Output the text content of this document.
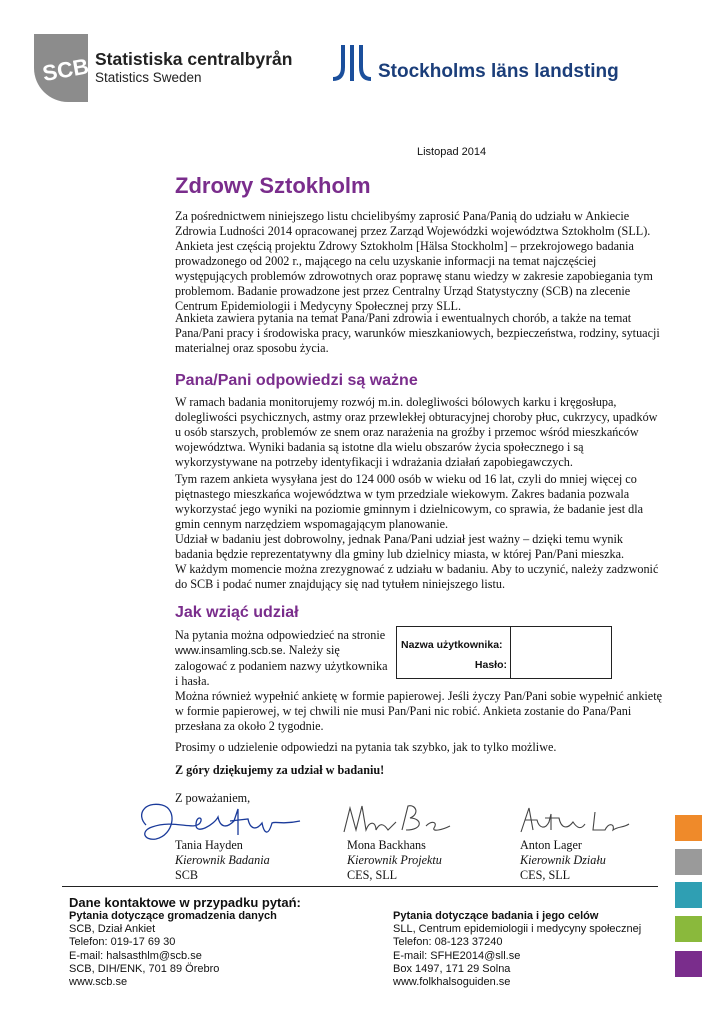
SCB Statistiska centralbyrån
Statistics Sweden	Stockholms läns landsting
Listopad 2014
Zdrowy Sztokholm
Za pośrednictwem niniejszego listu chcielibyśmy zaprosić Pana/Panią do udziału w Ankiecie
Zdrowia Ludności 2014 opracowanej przez Zarząd Wojewódzki województwa Sztokholm (SLL).
Ankieta jest częścią projektu Zdrowy Sztokholm [Hälsa Stockholm] – przekrojowego badania
prowadzonego od 2002 r., mającego na celu uzyskanie informacji na temat najczęściej
występujących problemów zdrowotnych oraz poprawę stanu wiedzy w zakresie zapobiegania tym
problemom. Badanie prowadzone jest przez Centralny Urząd Statystyczny (SCB) na zlecenie
Centrum Epidemiologii i Medycyny Społecznej przy SLL.
Ankieta zawiera pytania na temat Pana/Pani zdrowia i ewentualnych chorób, a także na temat
Pana/Pani pracy i środowiska pracy, warunków mieszkaniowych, bezpieczeństwa, rodziny, sytuacji
materialnej oraz sposobu życia.
Pana/Pani odpowiedzi są ważne
W ramach badania monitorujemy rozwój m.in. dolegliwości bólowych karku i kręgosłupa,
dolegliwości psychicznych, astmy oraz przewlekłej obturacyjnej choroby płuc, cukrzycy, upadków
u osób starszych, problemów ze snem oraz narażenia na groźby i przemoc wśród mieszkańców
województwa. Wyniki badania są istotne dla wielu obszarów życia społecznego i są
wykorzystywane na potrzeby identyfikacji i wdrażania działań zapobiegawczych.
Tym razem ankieta wysyłana jest do 124 000 osób w wieku od 16 lat, czyli do mniej więcej co
piętnastego mieszkańca województwa w tym przedziale wiekowym. Zakres badania pozwala
wykorzystać jego wyniki na poziomie gminnym i dzielnicowym, co sprawia, że badanie jest dla
gmin cennym narzędziem wspomagającym planowanie.
Udział w badaniu jest dobrowolny, jednak Pana/Pani udział jest ważny – dzięki temu wynik
badania będzie reprezentatywny dla gminy lub dzielnicy miasta, w której Pan/Pani mieszka.
W każdym momencie można zrezygnować z udziału w badaniu. Aby to uczynić, należy zadzwonić
do SCB i podać numer znajdujący się nad tytułem niniejszego listu.
Jak wziąć udział
Na pytania można odpowiedzieć na stronie
www.insamling.scb.se. Należy się
zalogować z podaniem nazwy użytkownika
i hasła.
Nazwa użytkownika:
Hasło:
Można również wypełnić ankietę w formie papierowej. Jeśli życzy Pan/Pani sobie wypełnić ankietę
w formie papierowej, w tej chwili nie musi Pan/Pani nic robić. Ankieta zostanie do Pana/Pani
przesłana za około 2 tygodnie.
Prosimy o udzielenie odpowiedzi na pytania tak szybko, jak to tylko możliwe.
Z góry dziękujemy za udział w badaniu!
Z poważaniem,
Tania Hayden
Kierownik Badania
SCB
Mona Backhans
Kierownik Projektu
CES, SLL
Anton Lager
Kierownik Działu
CES, SLL
Dane kontaktowe w przypadku pytań:
Pytania dotyczące gromadzenia danych
SCB, Dział Ankiet
Telefon: 019-17 69 30
E-mail: halsasthlm@scb.se
SCB, DIH/ENK, 701 89 Örebro
www.scb.se
Pytania dotyczące badania i jego celów
SLL, Centrum epidemiologii i medycyny społecznej
Telefon: 08-123 37240
E-mail: SFHE2014@sll.se
Box 1497, 171 29 Solna
www.folkhalsoguiden.se
